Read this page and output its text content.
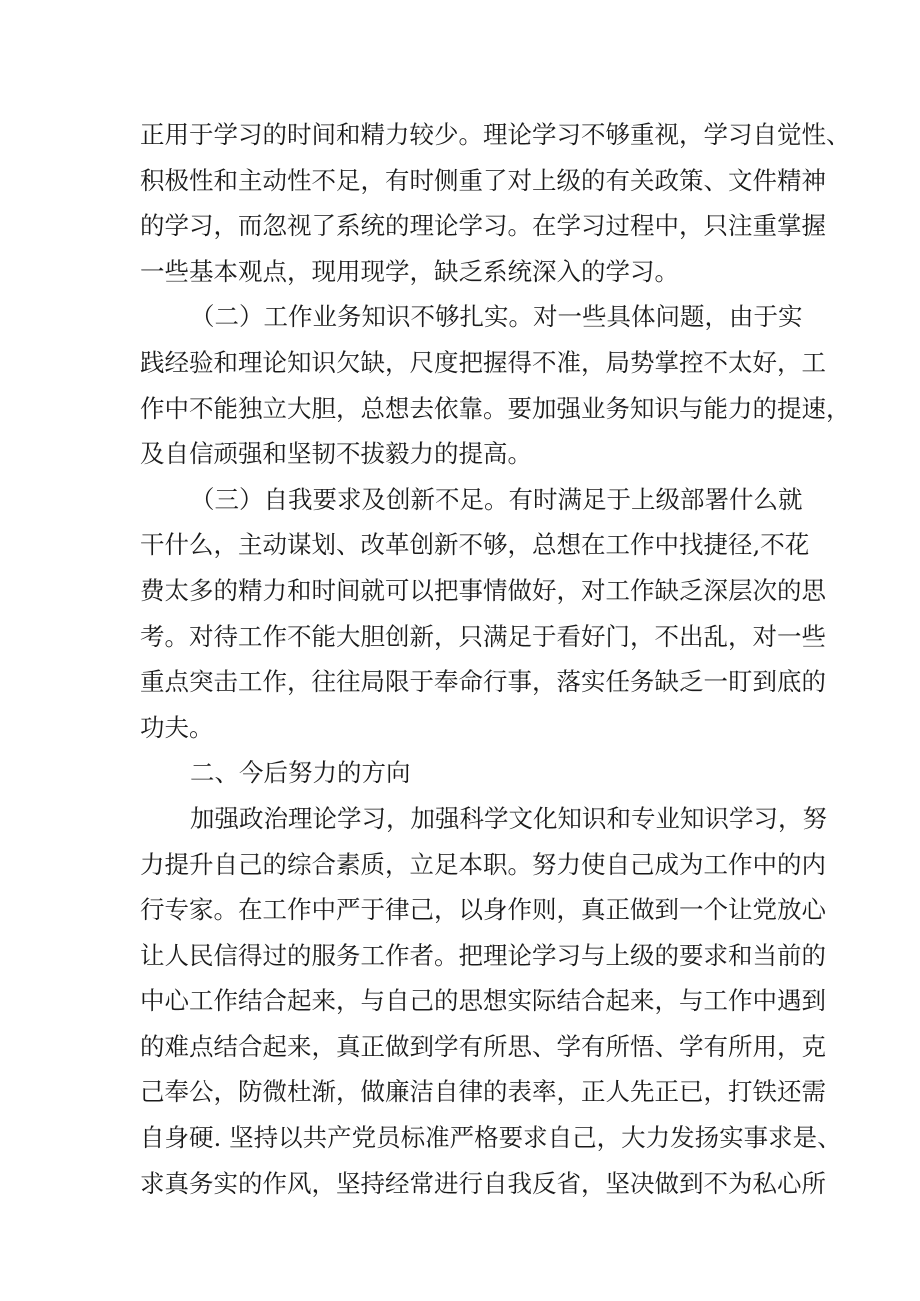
正用于学习的时间和精力较少。理论学习不够重视，学习自觉性、
积极性和主动性不足，有时侧重了对上级的有关政策、文件精神
的学习，而忽视了系统的理论学习。在学习过程中，只注重掌握
一些基本观点，现用现学，缺乏系统深入的学习。
（二）工作业务知识不够扎实。对一些具体问题，由于实
践经验和理论知识欠缺，尺度把握得不准，局势掌控不太好，工
作中不能独立大胆，总想去依靠。要加强业务知识与能力的提速，
及自信顽强和坚韧不拔毅力的提高。
（三）自我要求及创新不足。有时满足于上级部署什么就
干什么，主动谋划、改革创新不够，总想在工作中找捷径,不花
费太多的精力和时间就可以把事情做好，对工作缺乏深层次的思
考。对待工作不能大胆创新，只满足于看好门，不出乱，对一些
重点突击工作，往往局限于奉命行事，落实任务缺乏一盯到底的
功夫。
二、今后努力的方向
加强政治理论学习，加强科学文化知识和专业知识学习，努
力提升自己的综合素质，立足本职。努力使自己成为工作中的内
行专家。在工作中严于律己，以身作则，真正做到一个让党放心
让人民信得过的服务工作者。把理论学习与上级的要求和当前的
中心工作结合起来，与自己的思想实际结合起来，与工作中遇到
的难点结合起来，真正做到学有所思、学有所悟、学有所用，克
己奉公，防微杜渐，做廉洁自律的表率，正人先正已，打铁还需
自身硬. 坚持以共产党员标准严格要求自己，大力发扬实事求是、
求真务实的作风，坚持经常进行自我反省，坚决做到不为私心所
